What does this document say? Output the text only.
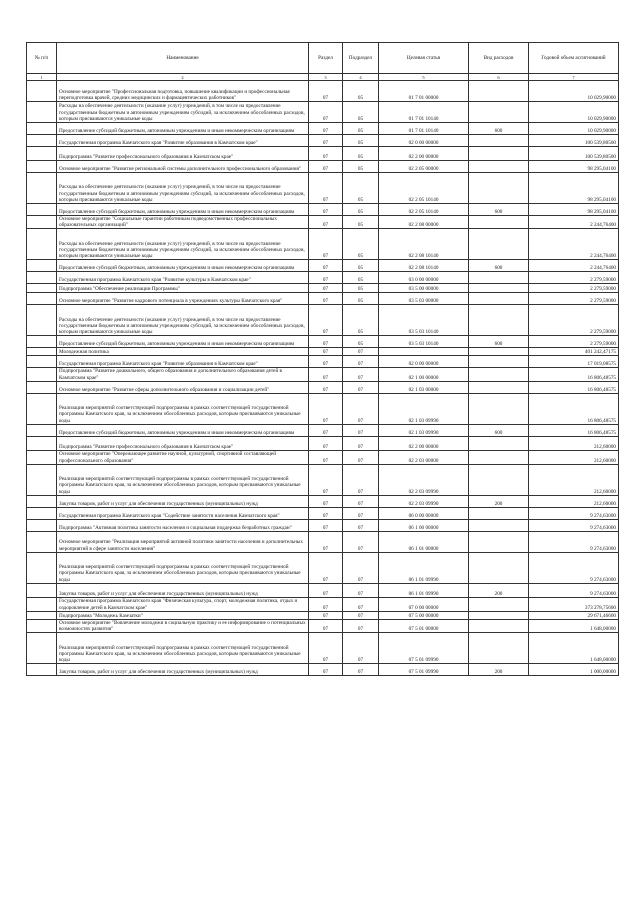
№ п/п	Наименование	Раздел	Подраздел	Целевая статья	Вид расходов	Годовой объем ассигнований
1	2	3	4	5	6	7
	Основное мероприятие "Профессиональная подготовка, повышение квалификации и профессиональная переподготовка врачей, средних медицинских и фармацевтических работников"	07	05	01 7 01 00000		10 029,90000
	Расходы на обеспечение деятельности (оказание услуг) учреждений, в том числе на предоставление государственным бюджетным и автономным учреждениям субсидий, за исключением обособленных расходов, которым присваиваются уникальные коды	07	05	01 7 01 10140		10 029,90000
	Предоставление субсидий бюджетным, автономным учреждениям и иным некоммерческим организациям	07	05	01 7 01 10140	600	10 029,90000
	Государственная программа Камчатского края "Развитие образования в Камчатском крае"	07	05	02 0 00 00000		100 539,80500
	Подпрограмма "Развитие профессионального образования в Камчатском крае"	07	05	02 2 00 00000		100 539,80500
	Основное мероприятие "Развитие региональной системы дополнительного профессионального образования"	07	05	02 2 05 00000		98 295,04100
	Расходы на обеспечение деятельности (оказание услуг) учреждений, в том числе на предоставление государственным бюджетным и автономным учреждениям субсидий, за исключением обособленных расходов, которым присваиваются уникальные коды	07	05	02 2 05 10140		98 295,04100
	Предоставление субсидий бюджетным, автономным учреждениям и иным некоммерческим организациям	07	05	02 2 05 10140	600	98 295,04100
	Основное мероприятие "Социальные гарантии работникам подведомственных профессиональных образовательных организаций"	07	05	02 2 08 00000		2 244,76400
	Расходы на обеспечение деятельности (оказание услуг) учреждений, в том числе на предоставление государственным бюджетным и автономным учреждениям субсидий, за исключением обособленных расходов, которым присваиваются уникальные коды	07	05	02 2 08 10140		2 244,76400
	Предоставление субсидий бюджетным, автономным учреждениям и иным некоммерческим организациям	07	05	02 2 08 10140	600	2 244,76400
	Государственная программа Камчатского края "Развитие культуры в Камчатском крае"	07	05	03 0 00 00000		2 279,59000
	Подпрограмма "Обеспечение реализации Программы"	07	05	03 5 00 00000		2 279,59000
	Основное мероприятие "Развитие кадрового потенциала в учреждениях культуры Камчатского края"	07	05	03 5 03 00000		2 279,59000
	Расходы на обеспечение деятельности (оказание услуг) учреждений, в том числе на предоставление государственным бюджетным и автономным учреждениям субсидий, за исключением обособленных расходов, которым присваиваются уникальные коды	07	05	03 5 03 10140		2 279,59000
	Предоставление субсидий бюджетным, автономным учреждениям и иным некоммерческим организациям	07	05	03 5 03 10140	600	2 279,59000
	Молодежная политика	07	07			401 242,47175
	Государственная программа Камчатского края "Развитие образования в Камчатском крае"	07	07	02 0 00 00000		17 019,08575
	Подпрограмма "Развитие дошкольного, общего образования и дополнительного образования детей в Камчатском крае"	07	07	02 1 00 00000		16 806,48575
	Основное мероприятие "Развитие сферы дополнительного образования и социализации детей"	07	07	02 1 03 00000		16 806,48575
	Реализация мероприятий соответствующей подпрограммы в рамках соответствующей государственной программы Камчатского края, за исключением обособленных расходов, которым присваиваются уникальные коды	07	07	02 1 03 09990		16 806,48575
	Предоставление субсидий бюджетным, автономным учреждениям и иным некоммерческим организациям	07	07	02 1 03 09990	600	16 806,48575
	Подпрограмма "Развитие профессионального образования в Камчатском крае"	07	07	02 2 00 00000		212,60000
	Основное мероприятие "Опережающее развитие научной, культурной, спортивной составляющей профессионального образования"	07	07	02 2 03 00000		212,60000
	Реализация мероприятий соответствующей подпрограммы в рамках соответствующей государственной программы Камчатского края, за исключением обособленных расходов, которым присваиваются уникальные коды	07	07	02 2 03 09990		212,60000
	Закупка товаров, работ и услуг для обеспечения государственных (муниципальных) нужд	07	07	02 2 03 09990	200	212,60000
	Государственная программа Камчатского края "Содействие занятости населения Камчатского края"	07	07	06 0 00 00000		9 274,63000
	Подпрограмма "Активная политика занятости населения и социальная поддержка безработных граждан"	07	07	06 1 00 00000		9 274,63000
	Основное мероприятие "Реализация мероприятий активной политики занятости населения и дополнительных мероприятий в сфере занятости населения"	07	07	06 1 01 00000		9 274,63000
	Реализация мероприятий соответствующей подпрограммы в рамках соответствующей государственной программы Камчатского края, за исключением обособленных расходов, которым присваиваются уникальные коды	07	07	06 1 01 09990		9 274,63000
	Закупка товаров, работ и услуг для обеспечения государственных (муниципальных) нужд	07	07	06 1 01 09990	200	9 274,63000
	Государственная программа Камчатского края "Физическая культура, спорт, молодежная политика, отдых и оздоровление детей в Камчатском крае"	07	07	07 0 00 00000		373 278,75600
	Подпрограмма "Молодежь Камчатки"	07	07	07 5 00 00000		29 671,46600
	Основное мероприятие "Вовлечение молодежи в социальную практику и ее информирование о потенциальных возможностях развития"	07	07	07 5 01 00000		1 648,00000
	Реализация мероприятий соответствующей подпрограммы в рамках соответствующей государственной программы Камчатского края, за исключением обособленных расходов, которым присваиваются уникальные коды	07	07	07 5 01 09990		1 648,00000
	Закупка товаров, работ и услуг для обеспечения государственных (муниципальных) нужд	07	07	07 5 01 09990	200	1 000,00000
